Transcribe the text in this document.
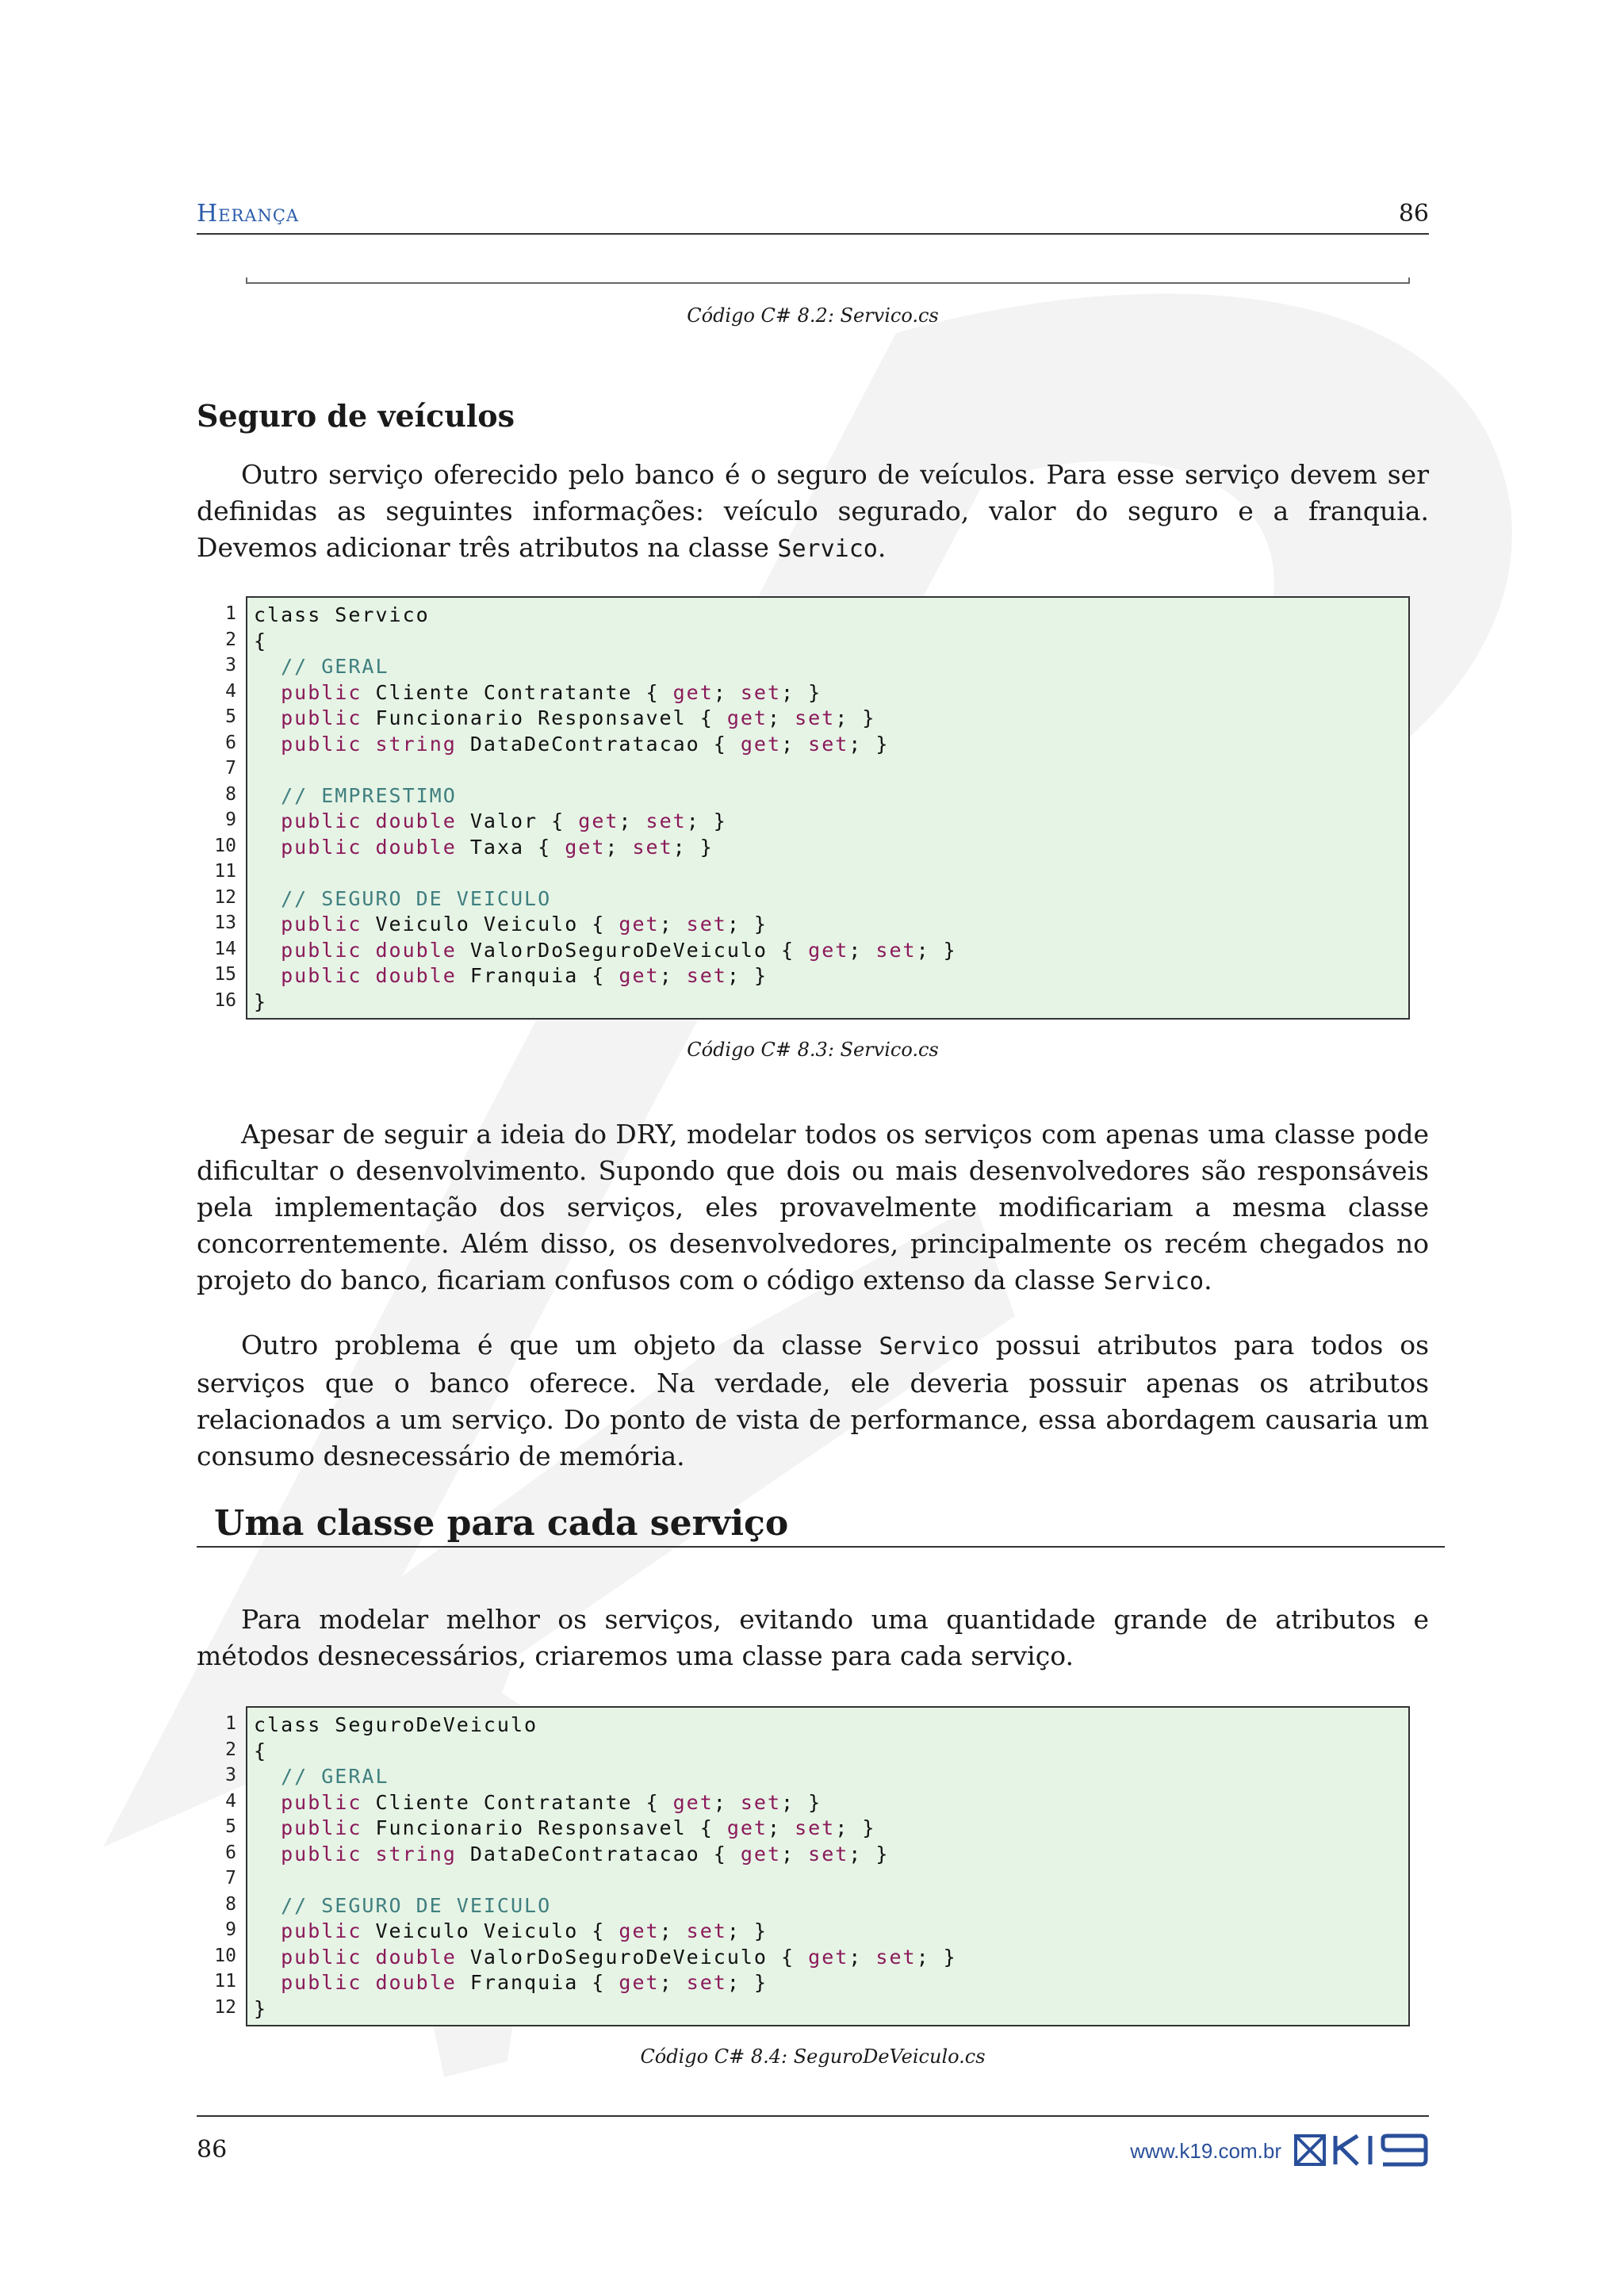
Herança	86
Código C# 8.2: Servico.cs
Seguro de veículos

Outro serviço oferecido pelo banco é o seguro de veículos. Para esse serviço devem ser definidas as seguintes informações: veículo segurado, valor do seguro e a franquia. Devemos adicionar três atributos na classe Servico.

1
2
3
4
5
6
7
8
9
10
11
12
13
14
15
16
class Servico
{
// GERAL
public Cliente Contratante { get; set; }
public Funcionario Responsavel { get; set; }
public string DataDeContratacao { get; set; }

// EMPRESTIMO
public double Valor { get; set; }
public double Taxa { get; set; }

// SEGURO DE VEICULO
public Veiculo Veiculo { get; set; }
public double ValorDoSeguroDeVeiculo { get; set; }
public double Franquia { get; set; }
}
Código C# 8.3: Servico.cs

Apesar de seguir a ideia do DRY, modelar todos os serviços com apenas uma classe pode dificultar o desenvolvimento. Supondo que dois ou mais desenvolvedores são responsáveis pela implementação dos serviços, eles provavelmente modificariam a mesma classe concorrentemente. Além disso, os desenvolvedores, principalmente os recém chegados no projeto do banco, ficariam confusos com o código extenso da classe Servico.

Outro problema é que um objeto da classe Servico possui atributos para todos os serviços que o banco oferece. Na verdade, ele deveria possuir apenas os atributos relacionados a um serviço. Do ponto de vista de performance, essa abordagem causaria um consumo desnecessário de memória.

Uma classe para cada serviço

Para modelar melhor os serviços, evitando uma quantidade grande de atributos e métodos desnecessários, criaremos uma classe para cada serviço.

1
2
3
4
5
6
7
8
9
10
11
12
class SeguroDeVeiculo
{
// GERAL
public Cliente Contratante { get; set; }
public Funcionario Responsavel { get; set; }
public string DataDeContratacao { get; set; }

// SEGURO DE VEICULO
public Veiculo Veiculo { get; set; }
public double ValorDoSeguroDeVeiculo { get; set; }
public double Franquia { get; set; }
}
Código C# 8.4: SeguroDeVeiculo.cs
86	www.k19.com.br
